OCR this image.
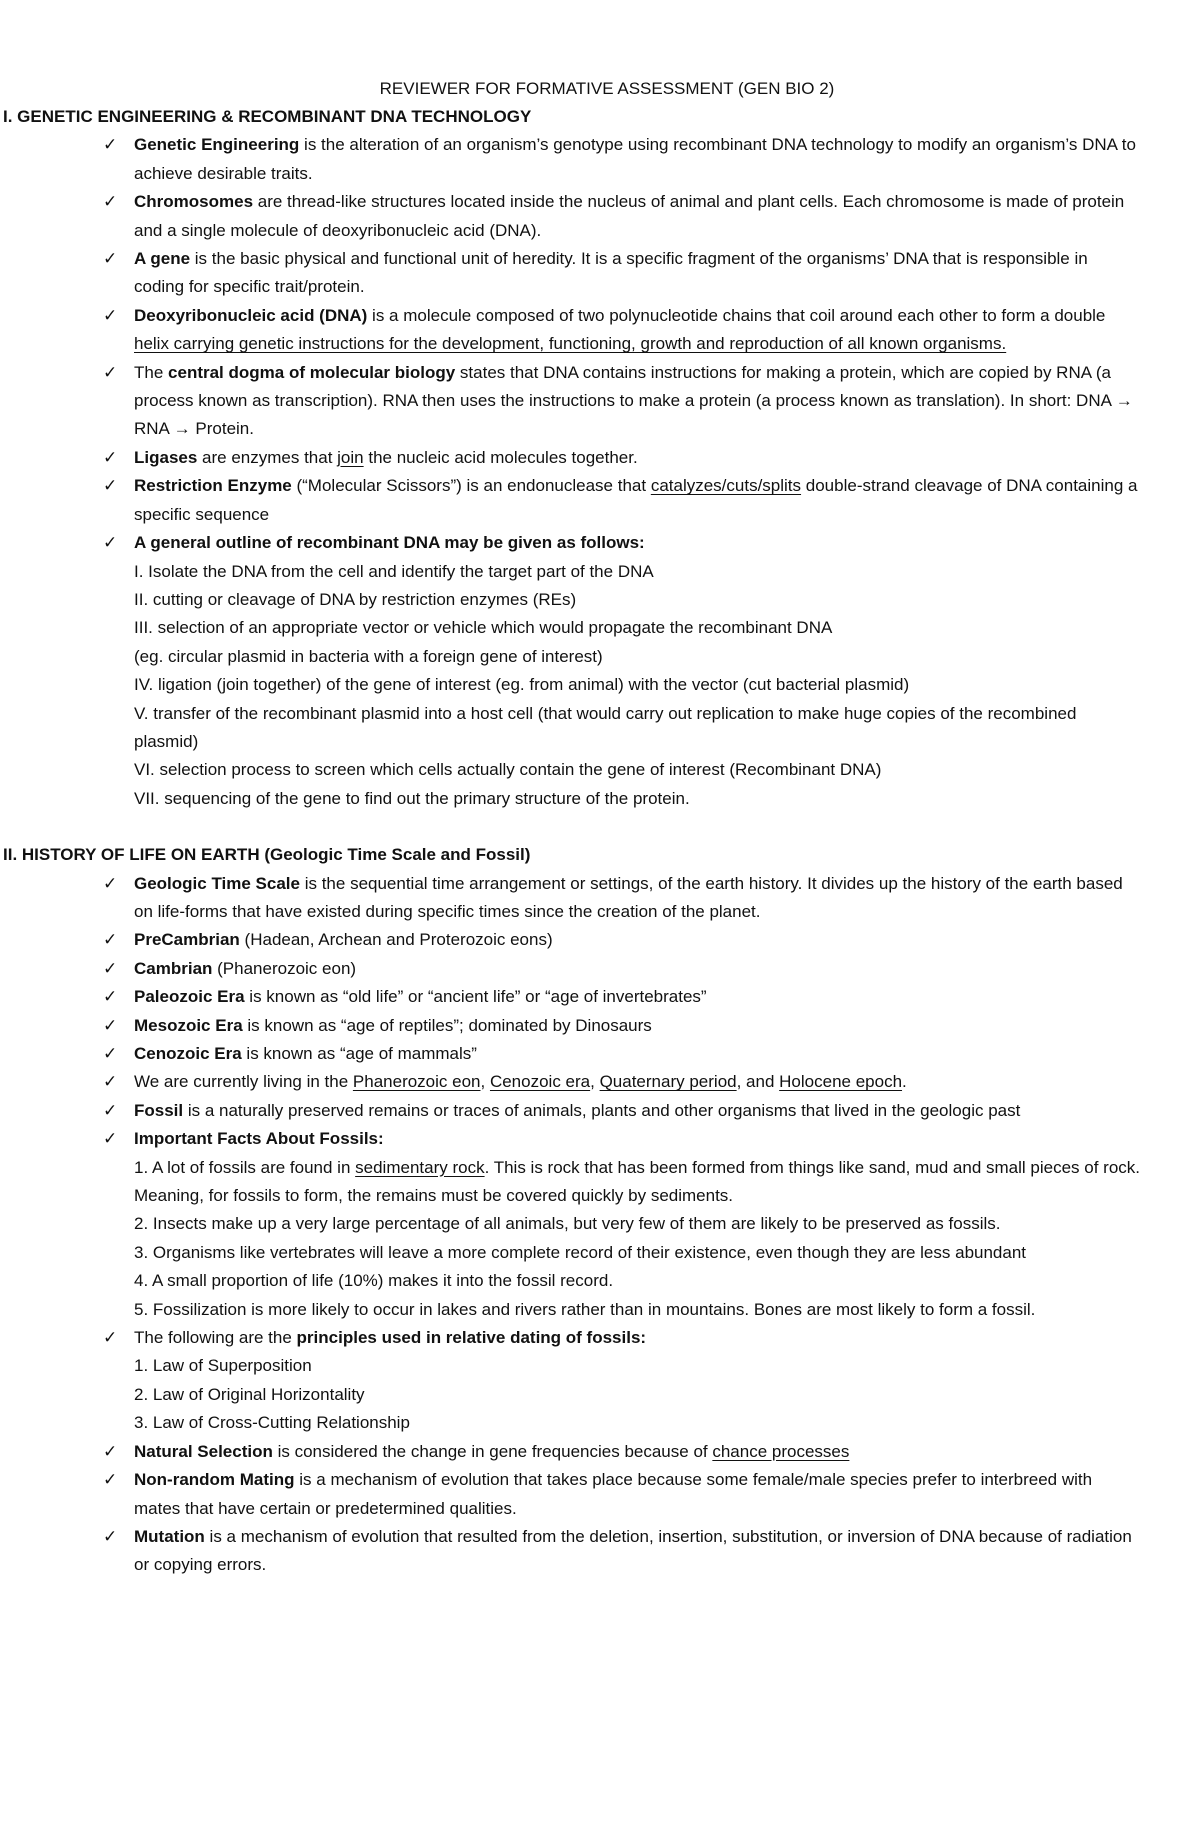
REVIEWER FOR FORMATIVE ASSESSMENT (GEN BIO 2)
I. GENETIC ENGINEERING & RECOMBINANT DNA TECHNOLOGY
✓ Genetic Engineering is the alteration of an organism’s genotype using recombinant DNA technology to modify an organism’s DNA to achieve desirable traits.
✓ Chromosomes are thread-like structures located inside the nucleus of animal and plant cells. Each chromosome is made of protein and a single molecule of deoxyribonucleic acid (DNA).
✓ A gene is the basic physical and functional unit of heredity. It is a specific fragment of the organisms’ DNA that is responsible in coding for specific trait/protein.
✓ Deoxyribonucleic acid (DNA) is a molecule composed of two polynucleotide chains that coil around each other to form a double helix carrying genetic instructions for the development, functioning, growth and reproduction of all known organisms.
✓ The central dogma of molecular biology states that DNA contains instructions for making a protein, which are copied by RNA (a process known as transcription). RNA then uses the instructions to make a protein (a process known as translation). In short: DNA → RNA → Protein.
✓ Ligases are enzymes that join the nucleic acid molecules together.
✓ Restriction Enzyme (“Molecular Scissors”) is an endonuclease that catalyzes/cuts/splits double-strand cleavage of DNA containing a specific sequence
✓ A general outline of recombinant DNA may be given as follows:
I. Isolate the DNA from the cell and identify the target part of the DNA
II. cutting or cleavage of DNA by restriction enzymes (REs)
III. selection of an appropriate vector or vehicle which would propagate the recombinant DNA
(eg. circular plasmid in bacteria with a foreign gene of interest)
IV. ligation (join together) of the gene of interest (eg. from animal) with the vector (cut bacterial plasmid)
V. transfer of the recombinant plasmid into a host cell (that would carry out replication to make huge copies of the recombined plasmid)
VI. selection process to screen which cells actually contain the gene of interest (Recombinant DNA)
VII. sequencing of the gene to find out the primary structure of the protein.
II. HISTORY OF LIFE ON EARTH (Geologic Time Scale and Fossil)
✓ Geologic Time Scale is the sequential time arrangement or settings, of the earth history. It divides up the history of the earth based on life-forms that have existed during specific times since the creation of the planet.
✓ PreCambrian (Hadean, Archean and Proterozoic eons)
✓ Cambrian (Phanerozoic eon)
✓ Paleozoic Era is known as “old life” or “ancient life” or “age of invertebrates”
✓ Mesozoic Era is known as “age of reptiles”; dominated by Dinosaurs
✓ Cenozoic Era is known as “age of mammals”
✓ We are currently living in the Phanerozoic eon, Cenozoic era, Quaternary period, and Holocene epoch.
✓ Fossil is a naturally preserved remains or traces of animals, plants and other organisms that lived in the geologic past
✓ Important Facts About Fossils:
1. A lot of fossils are found in sedimentary rock. This is rock that has been formed from things like sand, mud and small pieces of rock. Meaning, for fossils to form, the remains must be covered quickly by sediments.
2. Insects make up a very large percentage of all animals, but very few of them are likely to be preserved as fossils.
3. Organisms like vertebrates will leave a more complete record of their existence, even though they are less abundant
4. A small proportion of life (10%) makes it into the fossil record.
5. Fossilization is more likely to occur in lakes and rivers rather than in mountains. Bones are most likely to form a fossil.
✓ The following are the principles used in relative dating of fossils:
1. Law of Superposition
2. Law of Original Horizontality
3. Law of Cross-Cutting Relationship
✓ Natural Selection is considered the change in gene frequencies because of chance processes
✓ Non-random Mating is a mechanism of evolution that takes place because some female/male species prefer to interbreed with mates that have certain or predetermined qualities.
✓ Mutation is a mechanism of evolution that resulted from the deletion, insertion, substitution, or inversion of DNA because of radiation or copying errors.
